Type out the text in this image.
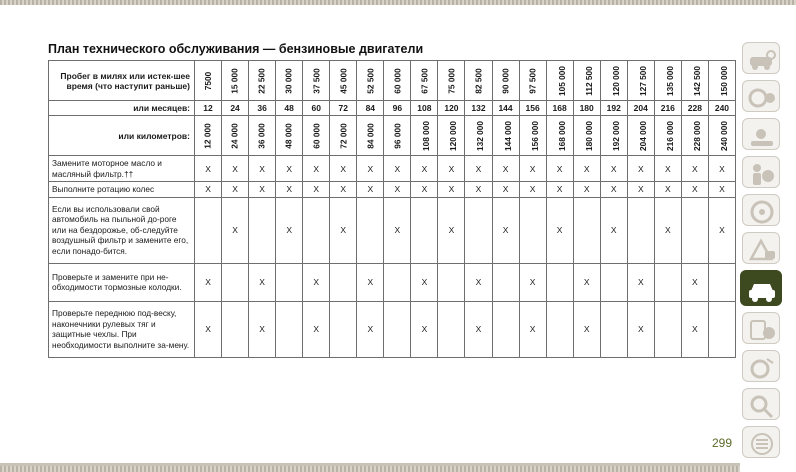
План технического обслуживания — бензиновые двигатели
Пробег в милях или истек-шее время (что наступит раньше)	7500	15 000	22 500	30 000	37 500	45 000	52 500	60 000	67 500	75 000	82 500	90 000	97 500	105 000	112 500	120 000	127 500	135 000	142 500	150 000
или месяцев:	12	24	36	48	60	72	84	96	108	120	132	144	156	168	180	192	204	216	228	240
или километров:	12 000	24 000	36 000	48 000	60 000	72 000	84 000	96 000	108 000	120 000	132 000	144 000	156 000	168 000	180 000	192 000	204 000	216 000	228 000	240 000
Замените моторное масло и масляный фильтр.††	X	X	X	X	X	X	X	X	X	X	X	X	X	X	X	X	X	X	X	X
Выполните ротацию колес	X	X	X	X	X	X	X	X	X	X	X	X	X	X	X	X	X	X	X	X
Если вы использовали свой автомобиль на пыльной до-роге или на бездорожье, об-следуйте воздушный фильтр и замените его, если понадо-бится.		X		X		X		X		X		X		X		X		X		X
Проверьте и замените при не-обходимости тормозные колодки.	X		X		X		X		X		X		X		X		X		X	
Проверьте переднюю под-веску, наконечники рулевых тяг и защитные чехлы. При необходимости выполните за-мену.	X		X		X		X		X		X		X		X		X		X	
299
